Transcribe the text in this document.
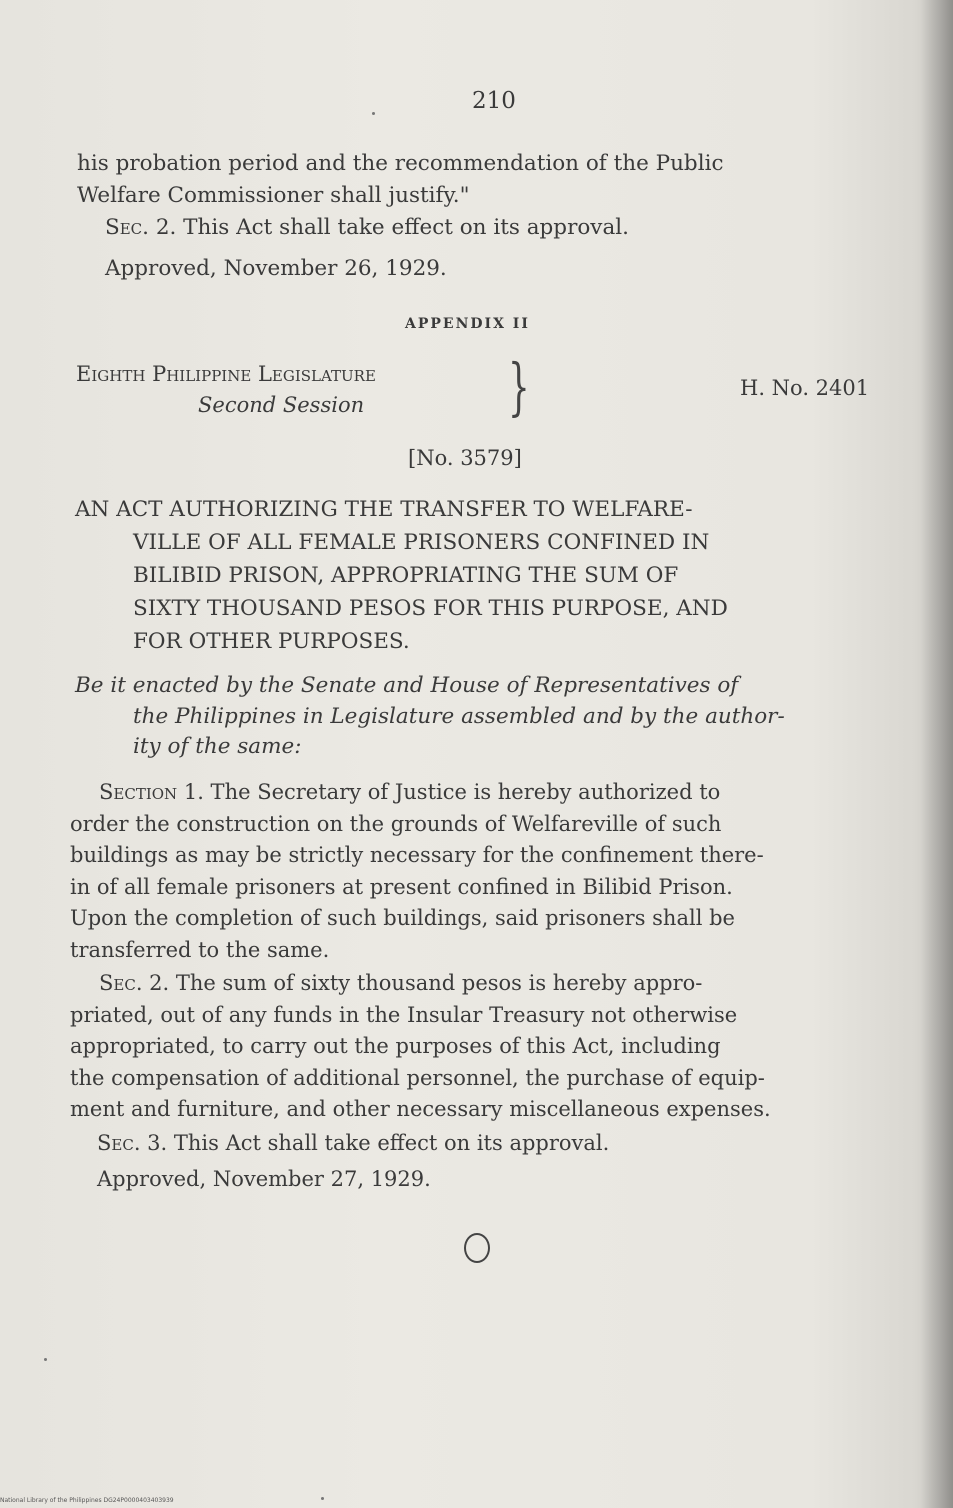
210
his probation period and the recommendation of the Public
Welfare Commissioner shall justify."
Sec. 2. This Act shall take effect on its approval.
Approved, November 26, 1929.
APPENDIX II
Eighth Philippine Legislature
Second Session }	H. No. 2401
[No. 3579]
AN ACT AUTHORIZING THE TRANSFER TO WELFARE-
VILLE OF ALL FEMALE PRISONERS CONFINED IN
BILIBID PRISON, APPROPRIATING THE SUM OF
SIXTY THOUSAND PESOS FOR THIS PURPOSE, AND
FOR OTHER PURPOSES.
Be it enacted by the Senate and House of Representatives of
the Philippines in Legislature assembled and by the author-
ity of the same:
Section 1. The Secretary of Justice is hereby authorized to
order the construction on the grounds of Welfareville of such
buildings as may be strictly necessary for the confinement there-
in of all female prisoners at present confined in Bilibid Prison.
Upon the completion of such buildings, said prisoners shall be
transferred to the same.
Sec. 2. The sum of sixty thousand pesos is hereby appro-
priated, out of any funds in the Insular Treasury not otherwise
appropriated, to carry out the purposes of this Act, including
the compensation of additional personnel, the purchase of equip-
ment and furniture, and other necessary miscellaneous expenses.
Sec. 3. This Act shall take effect on its approval.
Approved, November 27, 1929.
National Library of the Philippines DG24P0000403403939
